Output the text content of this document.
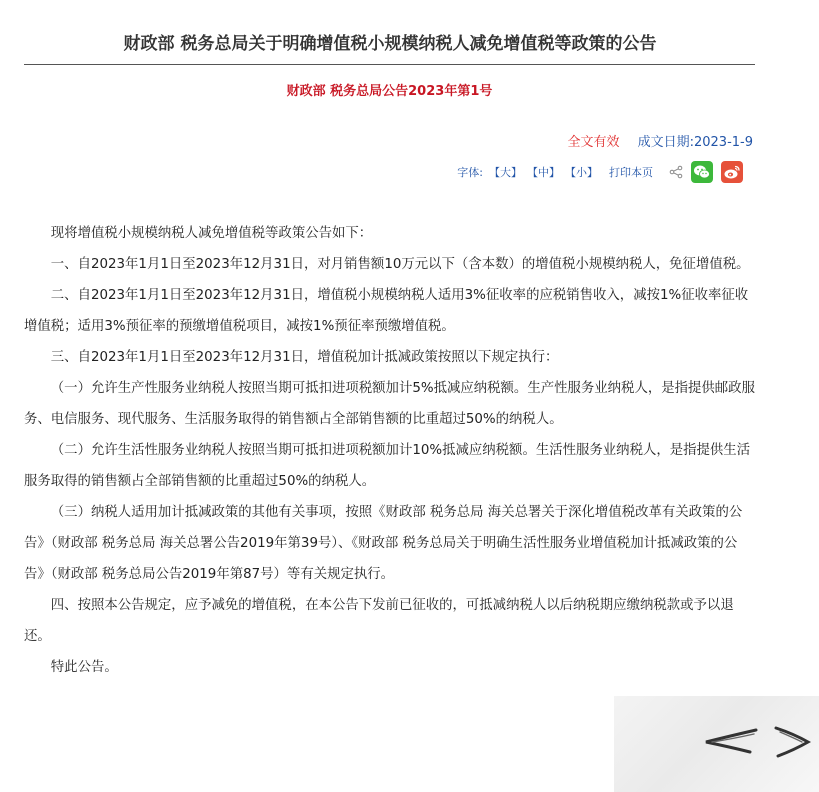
财政部 税务总局关于明确增值税小规模纳税人减免增值税等政策的公告
财政部 税务总局公告2023年第1号
全文有效 成文日期:2023-1-9
字体: 【大】 【中】 【小】 打印本页

现将增值税小规模纳税人减免增值税等政策公告如下：

一、自2023年1月1日至2023年12月31日，对月销售额10万元以下（含本数）的增值税小规模纳税人，免征增值税。

二、自2023年1月1日至2023年12月31日，增值税小规模纳税人适用3%征收率的应税销售收入，减按1%征收率征收增值税；适用3%预征率的预缴增值税项目，减按1%预征率预缴增值税。

三、自2023年1月1日至2023年12月31日，增值税加计抵减政策按照以下规定执行：

（一）允许生产性服务业纳税人按照当期可抵扣进项税额加计5%抵减应纳税额。生产性服务业纳税人，是指提供邮政服务、电信服务、现代服务、生活服务取得的销售额占全部销售额的比重超过50%的纳税人。

（二）允许生活性服务业纳税人按照当期可抵扣进项税额加计10%抵减应纳税额。生活性服务业纳税人，是指提供生活服务取得的销售额占全部销售额的比重超过50%的纳税人。

（三）纳税人适用加计抵减政策的其他有关事项，按照《财政部 税务总局 海关总署关于深化增值税改革有关政策的公告》（财政部 税务总局 海关总署公告2019年第39号）、《财政部 税务总局关于明确生活性服务业增值税加计抵减政策的公告》（财政部 税务总局公告2019年第87号）等有关规定执行。

四、按照本公告规定，应予减免的增值税，在本公告下发前已征收的，可抵减纳税人以后纳税期应缴纳税款或予以退还。

特此公告。
